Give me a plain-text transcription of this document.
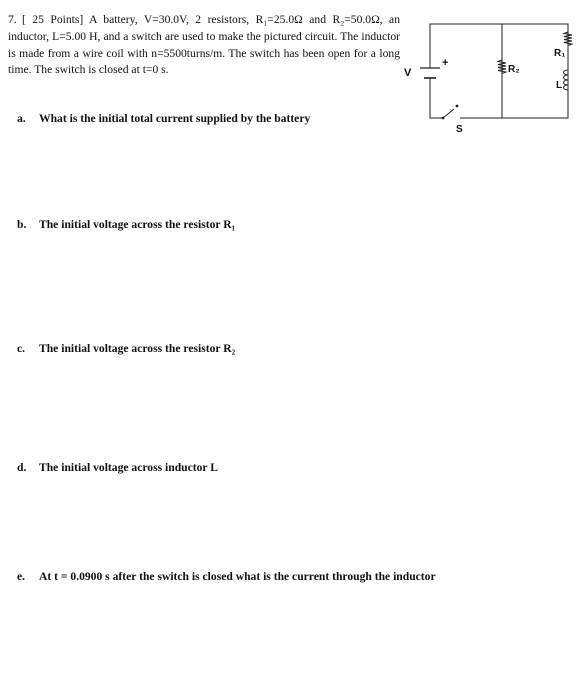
7. [ 25 Points] A battery, V=30.0V, 2 resistors, R₁=25.0Ω and R₂=50.0Ω, an inductor, L=5.00 H, and a switch are used to make the pictured circuit. The inductor is made from a wire coil with n=5500turns/m. The switch has been open for a long time. The switch is closed at t=0 s.	V
+
R₂
R₁
L
S
a. What is the initial total current supplied by the battery
b. The initial voltage across the resistor R₁
c. The initial voltage across the resistor R₂
d. The initial voltage across inductor L
e. At t = 0.0900 s after the switch is closed what is the current through the inductor
